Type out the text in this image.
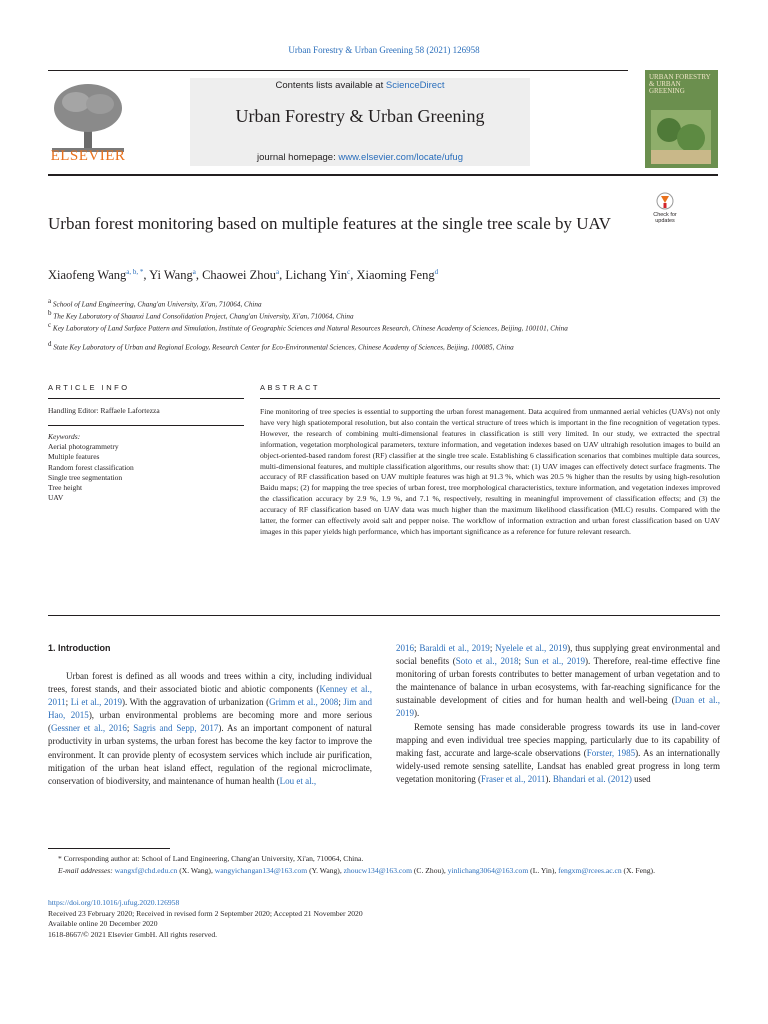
Urban Forestry & Urban Greening 58 (2021) 126958
ELSEVIER
Contents lists available at ScienceDirect
Urban Forestry & Urban Greening
journal homepage: www.elsevier.com/locate/ufug
URBAN FORESTRY & URBAN GREENING
Check for updates
Urban forest monitoring based on multiple features at the single tree scale by UAV
Xiaofeng Wang$^{a, b, *}$, Yi Wang$^a$, Chaowei Zhou$^a$, Lichang Yin$^c$, Xiaoming Feng$^d$
$^a$ School of Land Engineering, Chang'an University, Xi'an, 710064, China
$^b$ The Key Laboratory of Shaanxi Land Consolidation Project, Chang'an University, Xi'an, 710064, China
$^c$ Key Laboratory of Land Surface Pattern and Simulation, Institute of Geographic Sciences and Natural Resources Research, Chinese Academy of Sciences, Beijing, 100101, China
$^d$ State Key Laboratory of Urban and Regional Ecology, Research Center for Eco-Environmental Sciences, Chinese Academy of Sciences, Beijing, 100085, China
ARTICLE INFO	ABSTRACT
Handling Editor: Raffaele Lafortezza
Keywords:
Aerial photogrammetry
Multiple features
Random forest classification
Single tree segmentation
Tree height
UAV
Fine monitoring of tree species is essential to supporting the urban forest management. Data acquired from unmanned aerial vehicles (UAVs) not only have very high spatiotemporal resolution, but also contain the vertical structure of trees which is important in the fine recognition of vegetation types. However, the research of combining multi-dimensional features in classification is still very limited. In our study, we extracted the spectral information, vegetation morphological parameters, texture information, and vegetation indexes based on UAV ultrahigh resolution images to build an object-oriented-based random forest (RF) classifier at the single tree scale. Establishing 6 classification scenarios that combines multiple data sources, multi-dimensional features, and multiple classification algorithms, our results show that: (1) UAV images can effectively detect surface fragments. The accuracy of RF classification based on UAV multiple features was high at 91.3 %, which was 20.5 % higher than the results by using high-resolution Baidu maps; (2) for mapping the tree species of urban forest, tree morphological characteristics, texture information, and vegetation indexes improved the classification accuracy by 2.9 %, 1.9 %, and 7.1 %, respectively, resulting in meaningful improvement of classification effects; and (3) the accuracy of RF classification based on UAV data was much higher than the maximum likelihood classification (MLC) results. Compared with the latter, the former can effectively avoid salt and pepper noise. The workflow of information extraction and urban forest classification based on UAV images in this paper yields high performance, which has important significance as a reference for future relevant research.
1. Introduction
Urban forest is defined as all woods and trees within a city, including individual trees, forest stands, and their associated biotic and abiotic components (Kenney et al., 2011; Li et al., 2019). With the aggravation of urbanization (Grimm et al., 2008; Jim and Hao, 2015), urban environmental problems are becoming more and more serious (Gessner et al., 2016; Sagris and Sepp, 2017). As an important component of natural productivity in urban systems, the urban forest has become the key factor to improve the environment. It can provide plenty of ecosystem services which include air purification, mitigation of the urban heat island effect, regulation of the regional microclimate, conservation of biodiversity, and maintenance of human health (Lou et al.,
2016; Baraldi et al., 2019; Nyelele et al., 2019), thus supplying great environmental and social benefits (Soto et al., 2018; Sun et al., 2019). Therefore, real-time effective fine monitoring of urban forests contributes to better management of urban vegetation and to the maintenance of balance in urban ecosystems, with far-reaching significance for the sustainable development of cities and for human health and well-being (Duan et al., 2019).
Remote sensing has made considerable progress towards its use in land-cover mapping and even individual tree species mapping, particularly due to its capability of making fast, accurate and large-scale observations (Forster, 1985). As an internationally widely-used remote sensing satellite, Landsat has enabled great progress in long term vegetation monitoring (Fraser et al., 2011). Bhandari et al. (2012) used
* Corresponding author at: School of Land Engineering, Chang'an University, Xi'an, 710064, China.
E-mail addresses: wangxf@chd.edu.cn (X. Wang), wangyichangan134@163.com (Y. Wang), zhoucw134@163.com (C. Zhou), yinlichang3064@163.com (L. Yin), fengxm@rcees.ac.cn (X. Feng).
https://doi.org/10.1016/j.ufug.2020.126958
Received 23 February 2020; Received in revised form 2 September 2020; Accepted 21 November 2020
Available online 20 December 2020
1618-8667/© 2021 Elsevier GmbH. All rights reserved.
